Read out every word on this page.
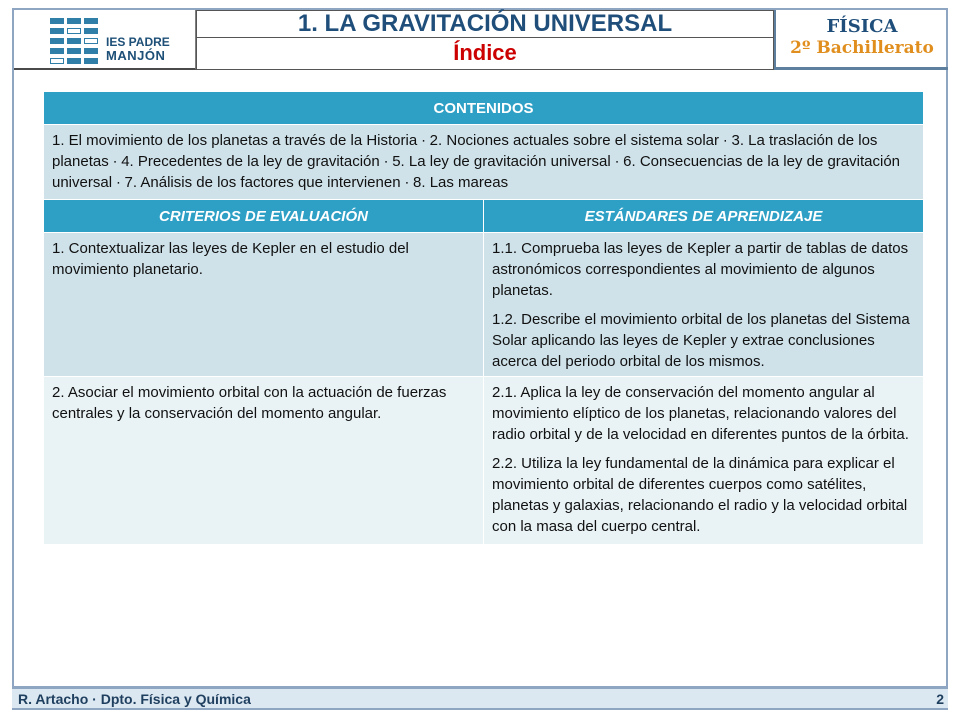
IES PADRE
MANJÓN
1. LA GRAVITACIÓN UNIVERSAL
Índice
FÍSICA
2º Bachillerato
CONTENIDOS	
1. El movimiento de los planetas a través de la Historia ∙ 2. Nociones actuales sobre el sistema solar ∙ 3. La traslación de los planetas ∙ 4. Precedentes de la ley de gravitación ∙ 5. La ley de gravitación universal ∙ 6. Consecuencias de la ley de gravitación universal ∙ 7. Análisis de los factores que intervienen ∙ 8. Las mareas	
CRITERIOS DE EVALUACIÓN	ESTÁNDARES DE APRENDIZAJE

1. Contextualizar las leyes de Kepler en el estudio del movimiento planetario.	1.1. Comprueba las leyes de Kepler a partir de tablas de datos astronómicos correspondientes al movimiento de algunos planetas.

1.2. Describe el movimiento orbital de los planetas del Sistema Solar aplicando las leyes de Kepler y extrae conclusiones acerca del periodo orbital de los mismos.

2. Asociar el movimiento orbital con la actuación de fuerzas centrales y la conservación del momento angular.	2.1. Aplica la ley de conservación del momento angular al movimiento elíptico de los planetas, relacionando valores del radio orbital y de la velocidad en diferentes puntos de la órbita.

2.2. Utiliza la ley fundamental de la dinámica para explicar el movimiento orbital de diferentes cuerpos como satélites, planetas y galaxias, relacionando el radio y la velocidad orbital con la masa del cuerpo central.

R. Artacho · Dpto. Física y Química	2
